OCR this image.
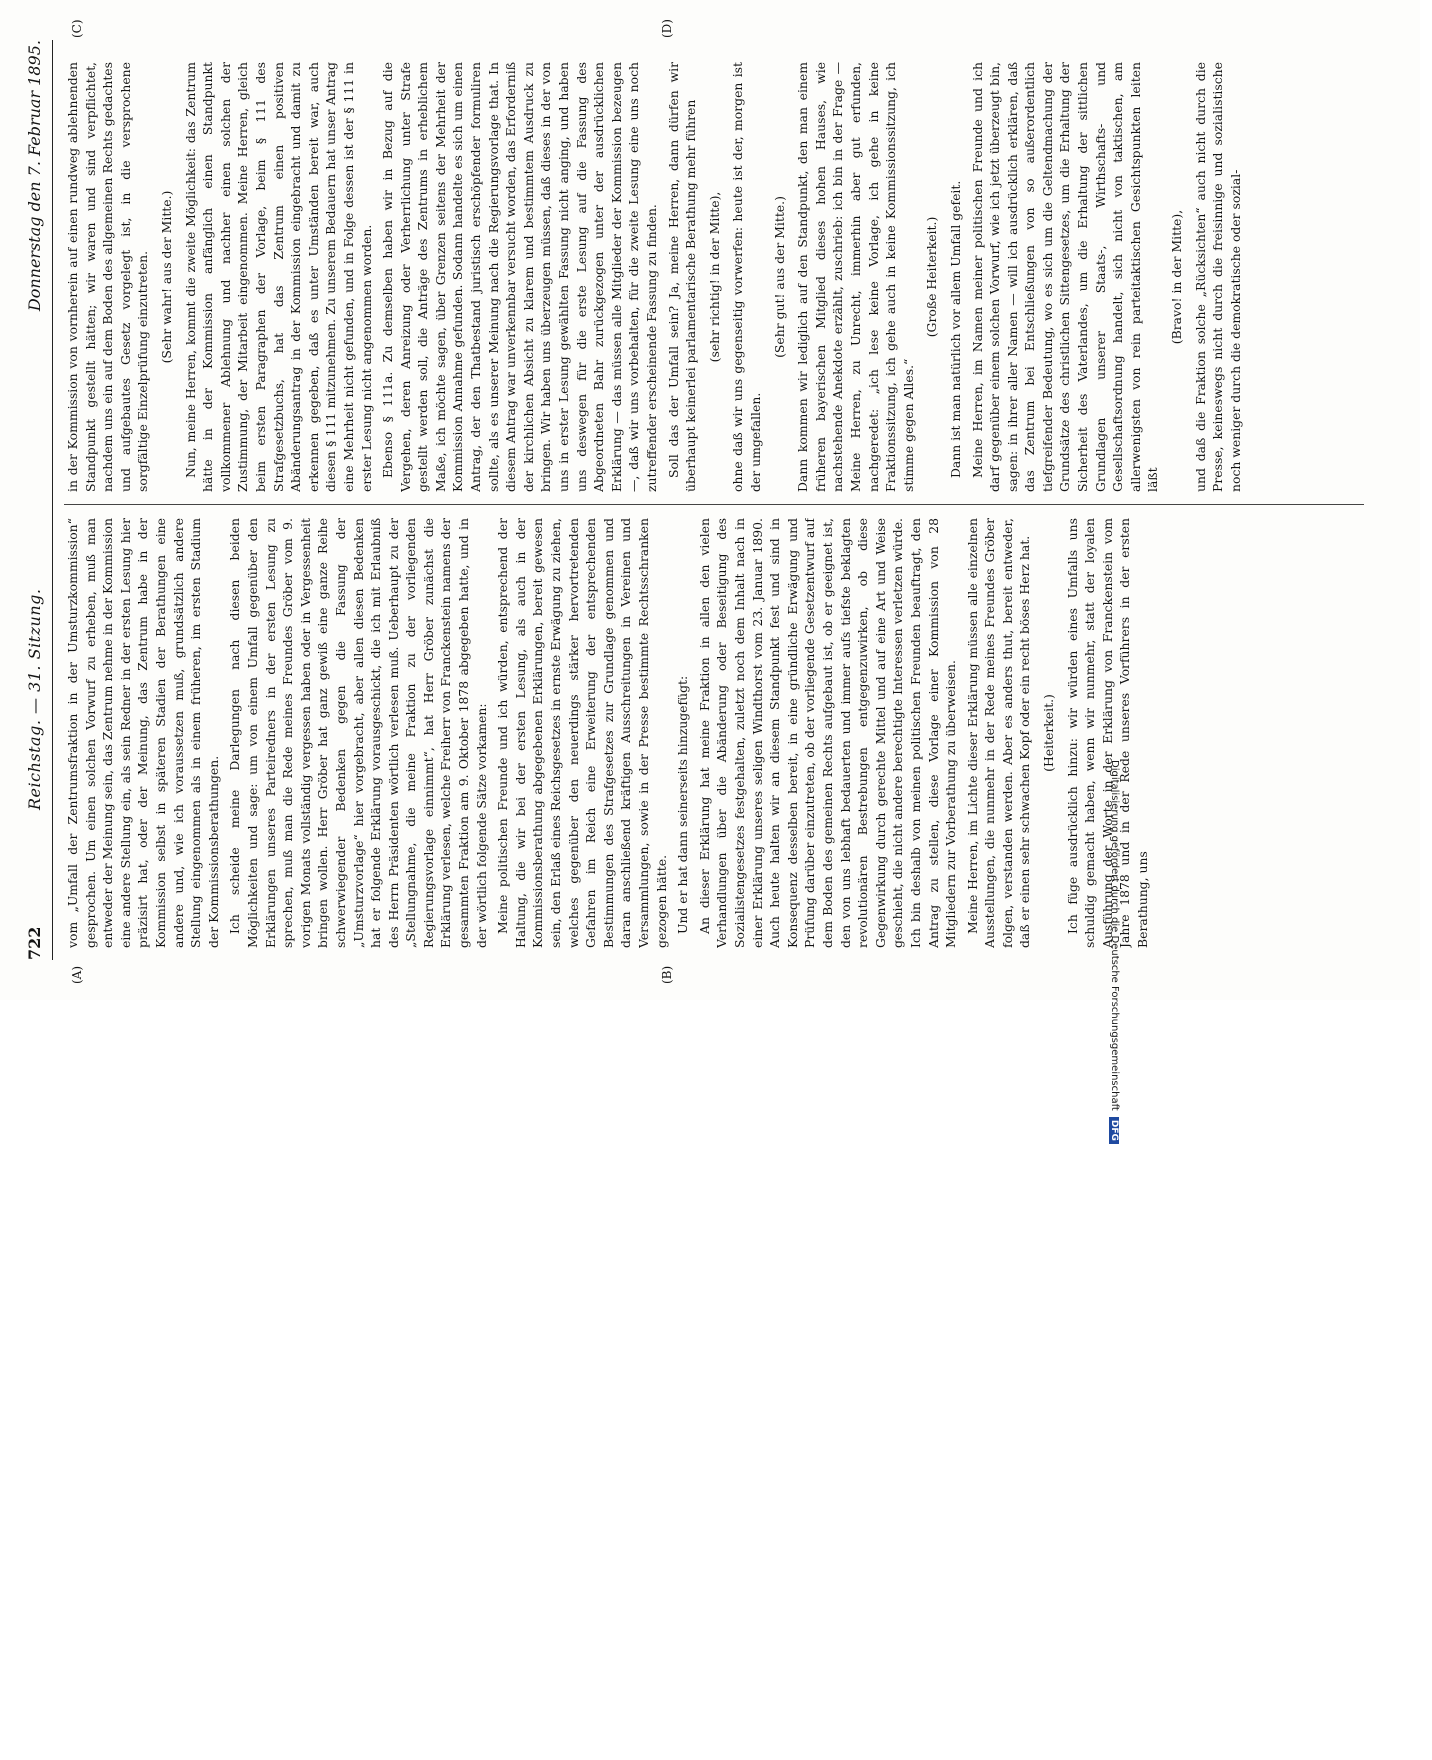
722
Reichstag. — 31. Sitzung.
Donnerstag den 7. Februar 1895.
(A)	(B)
(C)	(D)

vom „Umfall der Zentrumsfraktion in der Umsturzkommission“ gesprochen. Um einen solchen Vorwurf zu erheben, muß man entweder der Meinung sein, das Zentrum nehme in der Kommission eine andere Stellung ein, als sein Redner in der ersten Lesung hier präzisirt hat, oder der Meinung, das Zentrum habe in der Kommission selbst in späteren Stadien der Berathungen eine andere und, wie ich voraussetzen muß, grundsätzlich andere Stellung eingenommen als in einem früheren, im ersten Stadium der Kommissionsberathungen. Ich scheide meine Darlegungen nach diesen beiden Möglichkeiten und sage: um von einem Umfall gegenüber den Erklärungen unseres Parteiredners in der ersten Lesung zu sprechen, muß man die Rede meines Freundes Gröber vom 9. vorigen Monats vollständig vergessen haben oder in Vergessenheit bringen wollen. Herr Gröber hat ganz gewiß eine ganze Reihe schwerwiegender Bedenken gegen die Fassung der „Umsturzvorlage“ hier vorgebracht, aber allen diesen Bedenken hat er folgende Erklärung vorausgeschickt, die ich mit Erlaubniß des Herrn Präsidenten wörtlich verlesen muß. Ueberhaupt zu der „Stellungnahme, die meine Fraktion zu der vorliegenden Regierungsvorlage einnimmt“, hat Herr Gröber zunächst die Erklärung verlesen, welche Freiherr von Franckenstein namens der gesammten Fraktion am 9. Oktober 1878 abgegeben hatte, und in der wörtlich folgende Sätze vorkamen: Meine politischen Freunde und ich würden, entsprechend der Haltung, die wir bei der ersten Lesung, als auch in der Kommissionsberathung abgegebenen Erklärungen, bereit gewesen sein, den Erlaß eines Reichsgesetzes in ernste Erwägung zu ziehen, welches gegenüber den neuerdings stärker hervortretenden Gefahren im Reich eine Erweiterung der entsprechenden Bestimmungen des Strafgesetzes zur Grundlage genommen und daran anschließend kräftigen Ausschreitungen in Vereinen und Versammlungen, sowie in der Presse bestimmte Rechtsschranken gezogen hätte. Und er hat dann seinerseits hinzugefügt: An dieser Erklärung hat meine Fraktion in allen den vielen Verhandlungen über die Abänderung oder Beseitigung des Sozialistengesetzes festgehalten, zuletzt noch dem Inhalt nach in einer Erklärung unseres seligen Windthorst vom 23. Januar 1890. Auch heute halten wir an diesem Standpunkt fest und sind in Konsequenz desselben bereit, in eine gründliche Erwägung und Prüfung darüber einzutreten, ob der vorliegende Gesetzentwurf auf dem Boden des gemeinen Rechts aufgebaut ist, ob er geeignet ist, den von uns lebhaft bedauerten und immer aufs tiefste beklagten revolutionären Bestrebungen entgegenzuwirken, ob diese Gegenwirkung durch gerechte Mittel und auf eine Art und Weise geschieht, die nicht andere berechtigte Interessen verletzen würde. Ich bin deshalb von meinen politischen Freunden beauftragt, den Antrag zu stellen, diese Vorlage einer Kommission von 28 Mitgliedern zur Vorberathung zu überweisen. Meine Herren, im Lichte dieser Erklärung müssen alle einzelnen Ausstellungen, die nunmehr in der Rede meines Freundes Gröber folgen, verstanden werden. Aber es anders thut, bereit entweder, daß er einen sehr schwachen Kopf oder ein recht böses Herz hat. (Heiterkeit.) Ich füge ausdrücklich hinzu: wir würden eines Umfalls uns schuldig gemacht haben, wenn wir nunmehr, statt der loyalen Ausführung der Worte in der Erklärung von Franckenstein vom Jahre 1878 und in der Rede unseres Vorführers in der ersten Berathung, uns

in der Kommission von vornherein auf einen rundweg ablehnenden Standpunkt gestellt hätten; wir waren und sind verpflichtet, nachdem uns ein auf dem Boden des allgemeinen Rechts gedachtes und aufgebautes Gesetz vorgelegt ist, in die versprochene sorgfältige Einzelprüfung einzutreten. (Sehr wahr! aus der Mitte.) Nun, meine Herren, kommt die zweite Möglichkeit: das Zentrum hätte in der Kommission anfänglich einen Standpunkt vollkommener Ablehnung und nachher einen solchen der Zustimmung, der Mitarbeit eingenommen. Meine Herren, gleich beim ersten Paragraphen der Vorlage, beim § 111 des Strafgesetzbuchs, hat das Zentrum einen positiven Abänderungsantrag in der Kommission eingebracht und damit zu erkennen gegeben, daß es unter Umständen bereit war, auch diesen § 111 mitzunehmen. Zu unserem Bedauern hat unser Antrag eine Mehrheit nicht gefunden, und in Folge dessen ist der § 111 in erster Lesung nicht angenommen worden. Ebenso § 111a. Zu demselben haben wir in Bezug auf die Vergehen, deren Anreizung oder Verherrlichung unter Strafe gestellt werden soll, die Anträge des Zentrums in erheblichem Maße, ich möchte sagen, über Grenzen seitens der Mehrheit der Kommission Annahme gefunden. Sodann handelte es sich um einen Antrag, der den Thatbestand juristisch erschöpfender formuliren sollte, als es unserer Meinung nach die Regierungsvorlage that. In diesem Antrag war unverkennbar versucht worden, das Erforderniß der kirchlichen Absicht zu klarem und bestimmtem Ausdruck zu bringen. Wir haben uns überzeugen müssen, daß dieses in der von uns in erster Lesung gewählten Fassung nicht anging, und haben uns deswegen für die erste Lesung auf die Fassung des Abgeordneten Bahr zurückgezogen unter der ausdrücklichen Erklärung — das müssen alle Mitglieder der Kommission bezeugen —, daß wir uns vorbehalten, für die zweite Lesung eine uns noch zutreffender erscheinende Fassung zu finden. Soll das der Umfall sein? Ja, meine Herren, dann dürfen wir überhaupt keinerlei parlamentarische Berathung mehr führen (sehr richtig! in der Mitte), ohne daß wir uns gegenseitig vorwerfen: heute ist der, morgen ist der umgefallen.

(Sehr gut! aus der Mitte.) Dann kommen wir lediglich auf den Standpunkt, den man einem früheren bayerischen Mitglied dieses hohen Hauses, wie nachstehende Anekdote erzählt, zuschrieb: ich bin in der Frage — Meine Herren, zu Unrecht, immerhin aber gut erfunden, nachgeredet: „ich lese keine Vorlage, ich gehe in keine Fraktionssitzung, ich gehe auch in keine Kommissionssitzung, ich stimme gegen Alles.“

(Große Heiterkeit.) Dann ist man natürlich vor allem Umfall gefeit. Meine Herren, im Namen meiner politischen Freunde und ich darf gegenüber einem solchen Vorwurf, wie ich jetzt überzeugt bin, sagen: in ihrer aller Namen — will ich ausdrücklich erklären, daß das Zentrum bei Entschließungen von so außerordentlich tiefgreifender Bedeutung, wo es sich um die Geltendmachung der Grundsätze des christlichen Sittengesetzes, um die Erhaltung der Sicherheit des Vaterlandes, um die Erhaltung der sittlichen Grundlagen unserer Staats-, Wirthschafts- und Gesellschaftsordnung handelt, sich nicht von taktischen, am allerwenigsten von rein parteitaktischen Gesichtspunkten leiten läßt

(Bravo! in der Mitte), und daß die Fraktion solche „Rücksichten“ auch nicht durch die Presse, keineswegs nicht durch die freisinnige und sozialistische noch weniger durch die demokratische oder sozial-

Digitalisierung gefördert durch die Deutsche ForschungsgemeinschaftDFG
